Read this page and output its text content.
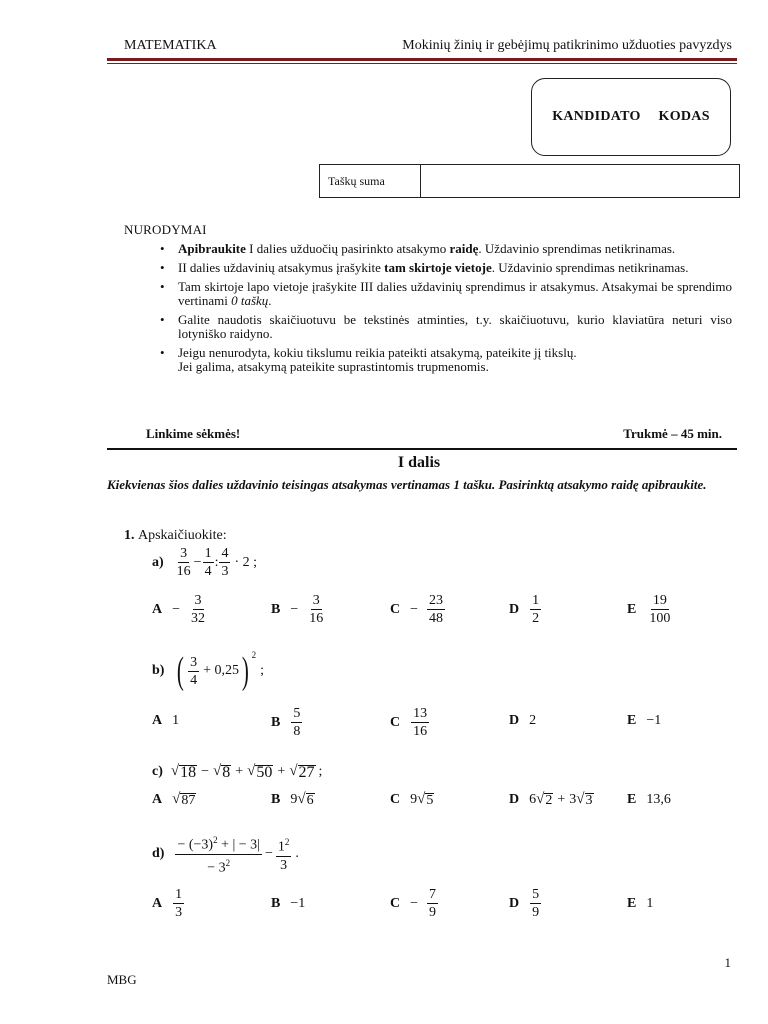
MATEMATIKA	Mokinių žinių ir gebėjimų patikrinimo užduoties pavyzdys
KANDIDATO KODAS
Taškų suma
NURODYMAI
• Apibraukite I dalies užduočių pasirinkto atsakymo raidę. Uždavinio sprendimas netikrinamas.
• II dalies uždavinių atsakymus įrašykite tam skirtoje vietoje. Uždavinio sprendimas netikrinamas.
• Tam skirtoje lapo vietoje įrašykite III dalies uždavinių sprendimus ir atsakymus. Atsakymai be sprendimo vertinami 0 taškų.
• Galite naudotis skaičiuotuvu be tekstinės atminties, t.y. skaičiuotuvu, kurio klaviatūra neturi viso lotyniško raidyno.
• Jeigu nenurodyta, kokiu tikslumu reikia pateikti atsakymą, pateikite jį tikslų.
Jei galima, atsakymą pateikite suprastintomis trupmenomis.
Linkime sėkmės!	Trukmė – 45 min.
I dalis
Kiekvienas šios dalies uždavinio teisingas atsakymas vertinamas 1 tašku. Pasirinktą atsakymo raidę apibraukite.
1. Apskaičiuokite:
$a) \frac{3}{16} - \frac{1}{4}$ : $\frac{4}{3} \cdot 2$ ;
$A - \frac{3}{32}$	$B - \frac{3}{16}$	$C - \frac{23}{48}$	D $\frac{1}{2}$	E $\frac{19}{100}$
b) ( $\frac{3}{4} + 0,25$ ) 2
;
A 1	B $\frac{5}{8}$	C $\frac{13}{16}$	D 2	E −1
c) √ 18 − √ 8 + √ 50 + √ 27 ;
A √ 87	B 9 √ 6	C 9 √ 5	D 6 √ 2 + 3 √ 3 E 13,6
$d) \frac{- (-3)^2 + | - 3|}{- 3^2} - \frac{1^2}{3}$ .
A $\frac{1}{3}$	B −1	$C - \frac{7}{9}$	D $\frac{5}{9}$	E 1
1
MBG
